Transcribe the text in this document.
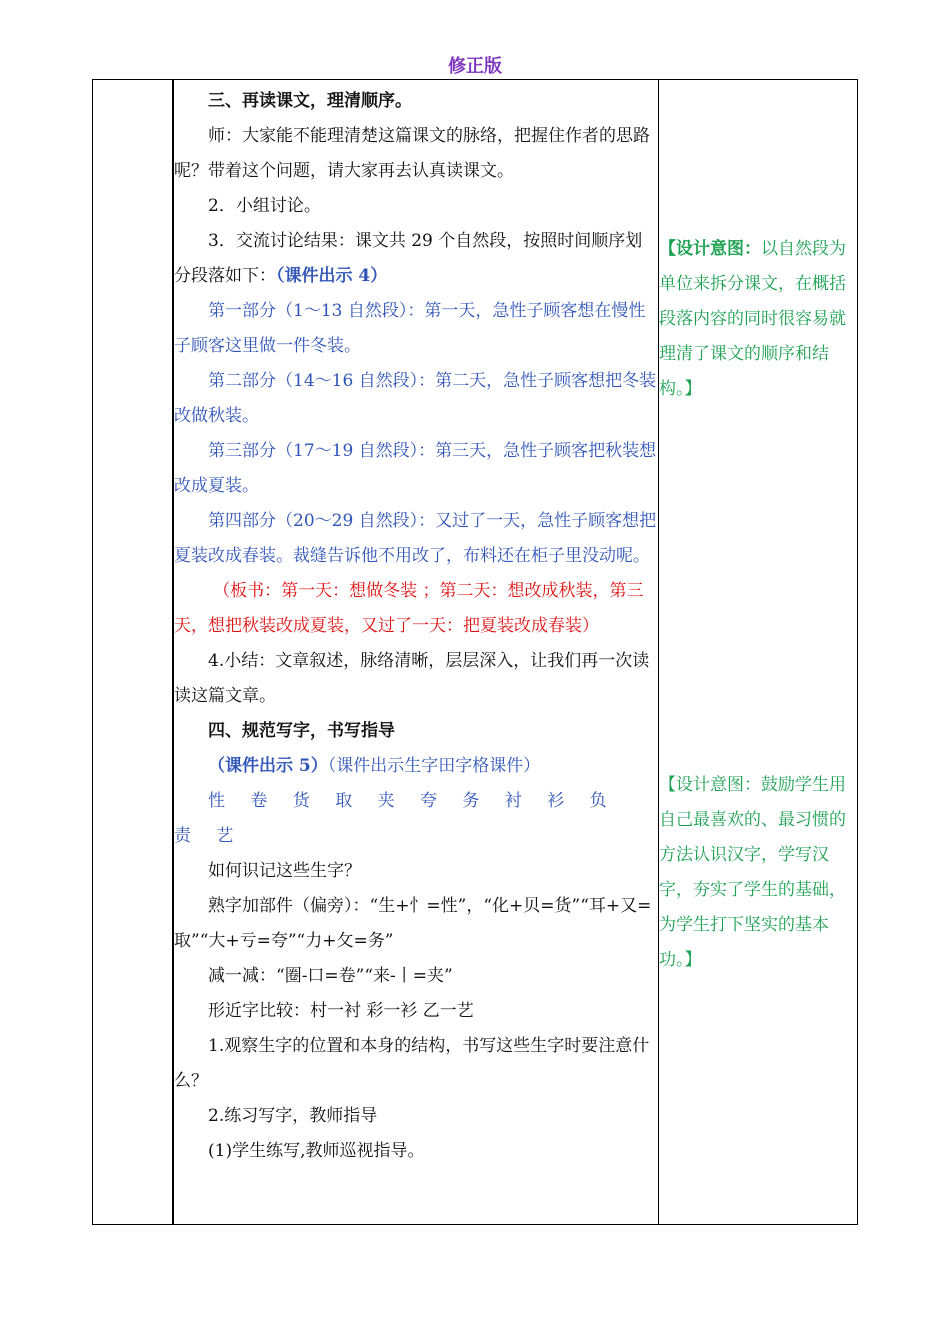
修正版

三、再读课文，理清顺序。

师：大家能不能理清楚这篇课文的脉络，把握住作者的思路呢？带着这个问题，请大家再去认真读课文。

2．小组讨论。

3．交流讨论结果：课文共 29 个自然段，按照时间顺序划分段落如下：（课件出示 4）

第一部分（1～13 自然段）：第一天，急性子顾客想在慢性子顾客这里做一件冬装。

第二部分（14～16 自然段）：第二天，急性子顾客想把冬装改做秋装。

第三部分（17～19 自然段）：第三天，急性子顾客把秋装想改成夏装。

第四部分（20～29 自然段）：又过了一天，急性子顾客想把夏装改成春装。裁缝告诉他不用改了，布料还在柜子里没动呢。

（板书：第一天：想做冬装 ；第二天：想改成秋装，第三天，想把秋装改成夏装，又过了一天：把夏装改成春装）

4.小结：文章叙述，脉络清晰，层层深入，让我们再一次读读这篇文章。

四、规范写字，书写指导

（课件出示 5）（课件出示生字田字格课件）

性 卷 货 取 夹 夸 务 衬 衫 负 责 艺

如何识记这些生字？

熟字加部件（偏旁）：“生+忄=性”，“化+贝=货”“耳+又=取”“大+亏=夸”“力+攵=务”

减一减：“圈-口=卷”“来-丨=夹”

形近字比较：村一衬 彩一衫 乙一艺

1.观察生字的位置和本身的结构，书写这些生字时要注意什么？

2.练习写字，教师指导

(1)学生练写,教师巡视指导。

【设计意图：以自然段为单位来拆分课文，在概括段落内容的同时很容易就理清了课文的顺序和结构。】
【设计意图：鼓励学生用自己最喜欢的、最习惯的方法认识汉字，学写汉字，夯实了学生的基础，为学生打下坚实的基本功。】
